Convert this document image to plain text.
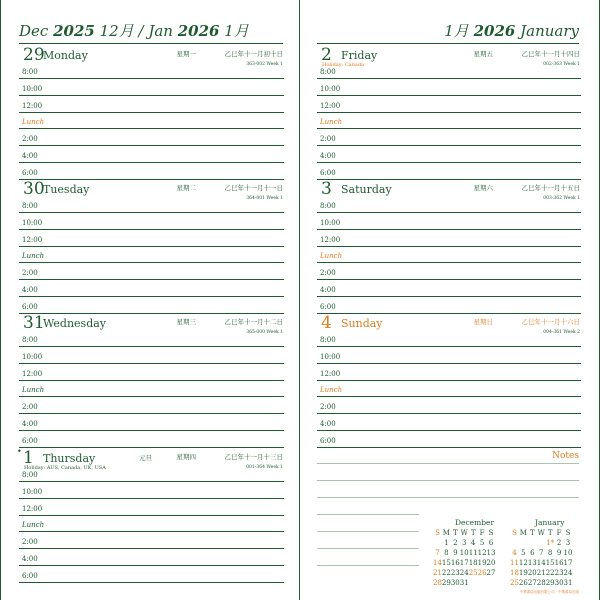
Dec 2025 12月 / Jan 2026 1月
29
Monday	星期一	乙巳年十一月初十日
363-002 Week 1
8:00
10:00
12:00
Lunch
2:00
4:00
6:00
30
Tuesday	星期二	乙巳年十一月十一日
364-001 Week 1
8:00
10:00
12:00
Lunch
2:00
4:00
6:00
31
Wednesday	星期三	乙巳年十一月十二日
365-000 Week 1
8:00
10:00
12:00
Lunch
2:00
4:00
6:00
1 Thursday	星期四	乙巳年十一月十三日
•
元旦
Holiday: AUS, Canada, UK, USA	001-364 Week 1
8:00
10:00
12:00
Lunch
2:00
4:00
6:00
1月 2026 January
2 Friday	星期五	乙巳年十一月十四日
Holiday: Canada	002-363 Week 1
8:00
10:00
12:00
Lunch
2:00
4:00
6:00
3 Saturday	星期六	乙巳年十一月十五日
003-362 Week 1
8:00
10:00
12:00
Lunch
2:00
4:00
6:00
4 Sunday	星期日	乙巳年十一月十六日
004-361 Week 2
8:00
10:00
12:00
Lunch
2:00
4:00
6:00
Notes
December
S	M	T	W	T	F	S
	1	2	3	4	5	6
7	8	9	10	11	12	13
14	15	16	17	18	19	20
21	22	23	24	25	26	27
28	29	30	31			
January
S	M	T	W	T	F	S
				1*	2	3
4	5	6	7	8	9	10
11	12	13	14	15	16	17
18	19	20	21	22	23	24
25	26	27	28	29	30	31
中華書局出版有限公司 · 中華書局出版
